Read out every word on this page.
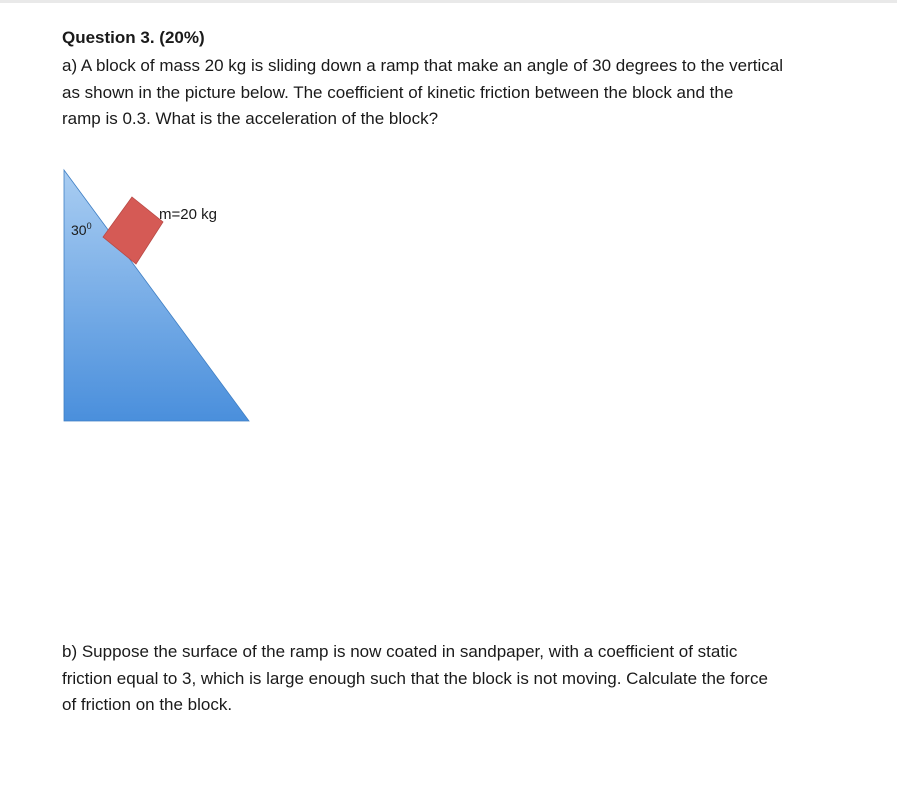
Question 3. (20%)
a) A block of mass 20 kg is sliding down a ramp that make an angle of 30 degrees to the vertical
as shown in the picture below. The coefficient of kinetic friction between the block and the
ramp is 0.3. What is the acceleration of the block?
m=20 kg
$30^0$
b) Suppose the surface of the ramp is now coated in sandpaper, with a coefficient of static
friction equal to 3, which is large enough such that the block is not moving. Calculate the force
of friction on the block.
